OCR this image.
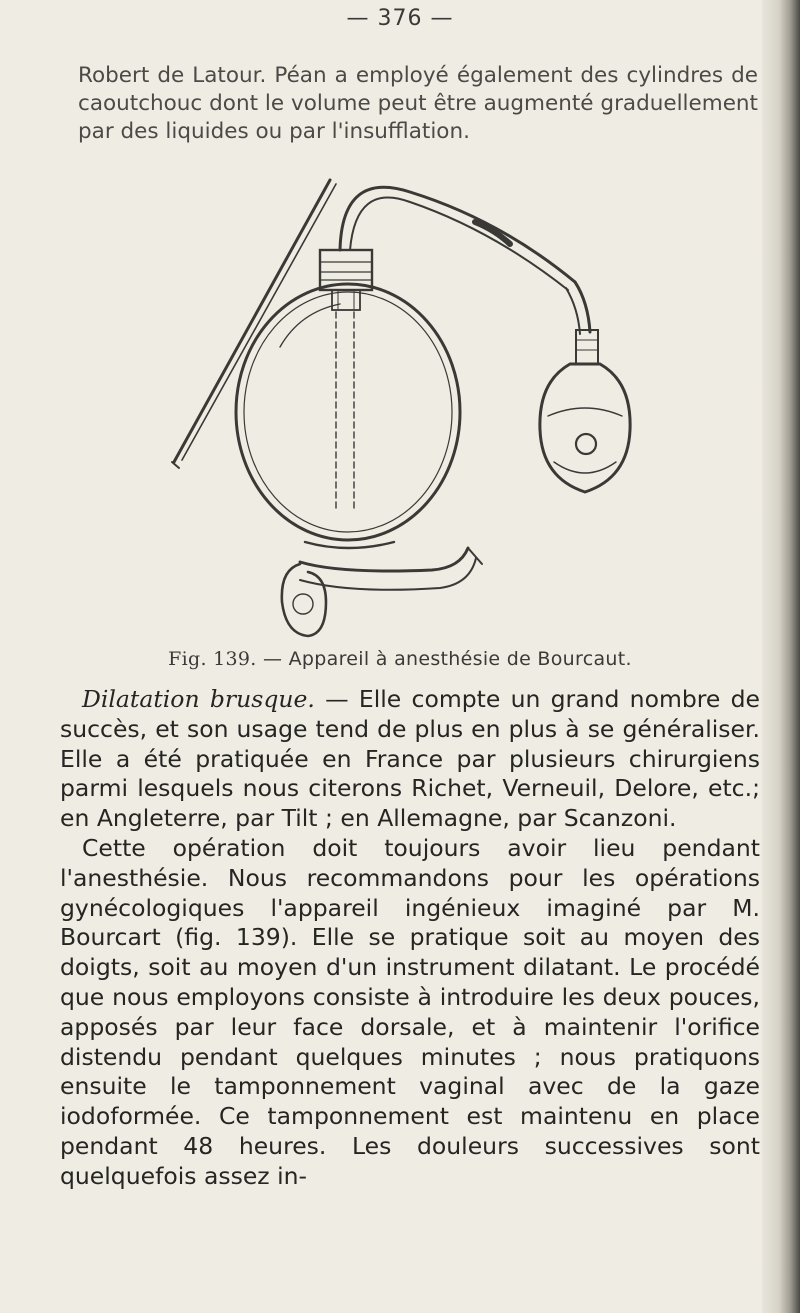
— 376 —
Robert de Latour. Péan a employé également des cylindres de caoutchouc dont le volume peut être augmenté graduellement par des liquides ou par l'insufflation.
Fig. 139. — Appareil à anesthésie de Bourcaut.

Dilatation brusque. — Elle compte un grand nombre de succès, et son usage tend de plus en plus à se généraliser. Elle a été pratiquée en France par plusieurs chirurgiens parmi lesquels nous citerons Richet, Verneuil, Delore, etc.; en Angleterre, par Tilt ; en Allemagne, par Scanzoni.

Cette opération doit toujours avoir lieu pendant l'anesthésie. Nous recommandons pour les opérations gynécologiques l'appareil ingénieux imaginé par M. Bourcart (fig. 139). Elle se pratique soit au moyen des doigts, soit au moyen d'un instrument dilatant. Le procédé que nous employons consiste à introduire les deux pouces, apposés par leur face dorsale, et à maintenir l'orifice distendu pendant quelques minutes ; nous pratiquons ensuite le tamponnement vaginal avec de la gaze iodoformée. Ce tamponnement est maintenu en place pendant 48 heures. Les douleurs successives sont quelquefois assez in-
